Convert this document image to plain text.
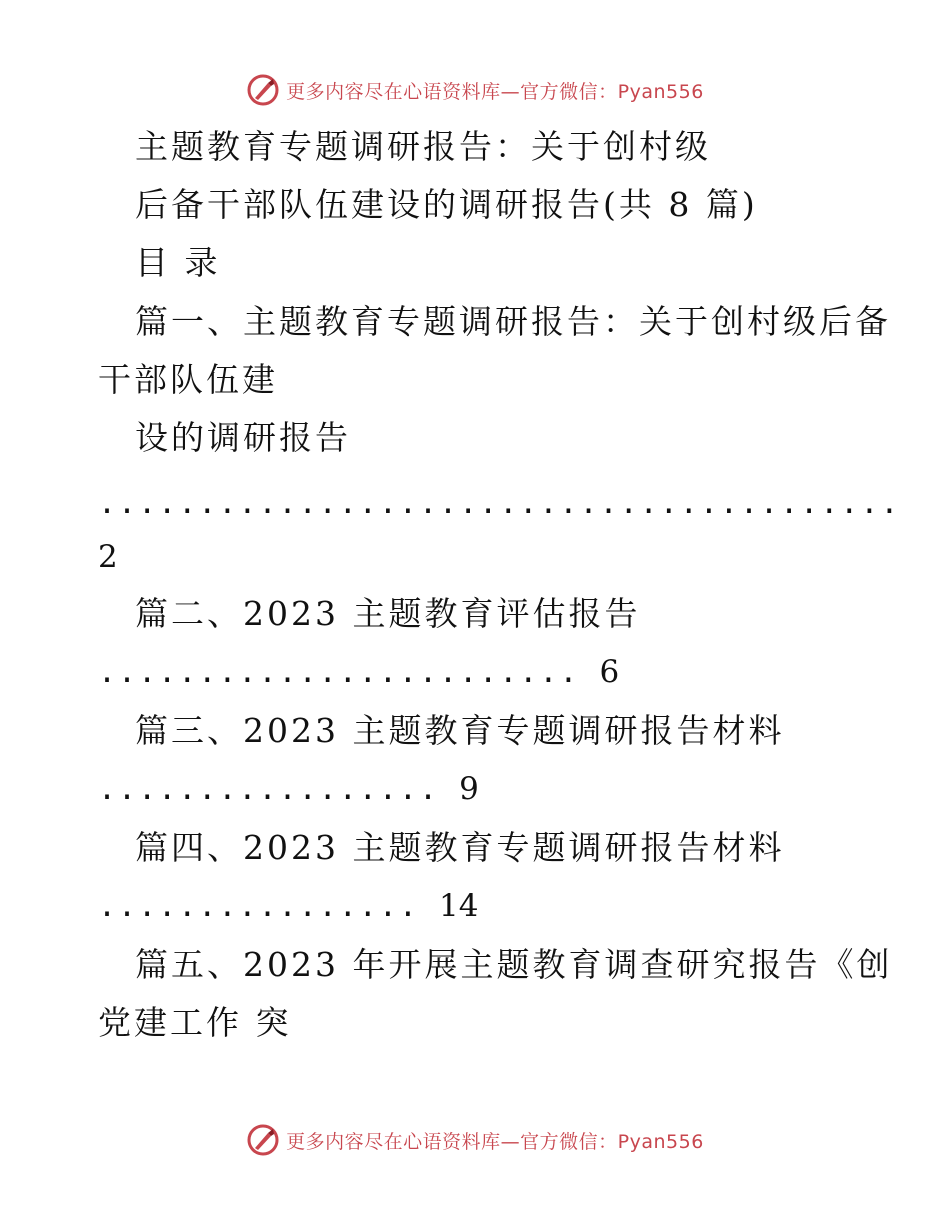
更多内容尽在心语资料库—官方微信：Pyan556
主题教育专题调研报告：关于创村级
后备干部队伍建设的调研报告(共 8 篇)
目 录
篇一、主题教育专题调研报告：关于创村级后备
干部队伍建
设的调研报告
........................................
2
篇二、2023 主题教育评估报告
........................ 6
篇三、2023 主题教育专题调研报告材料
................. 9
篇四、2023 主题教育专题调研报告材料
................ 14
篇五、2023 年开展主题教育调查研究报告《创
党建工作 突
更多内容尽在心语资料库—官方微信：Pyan556
